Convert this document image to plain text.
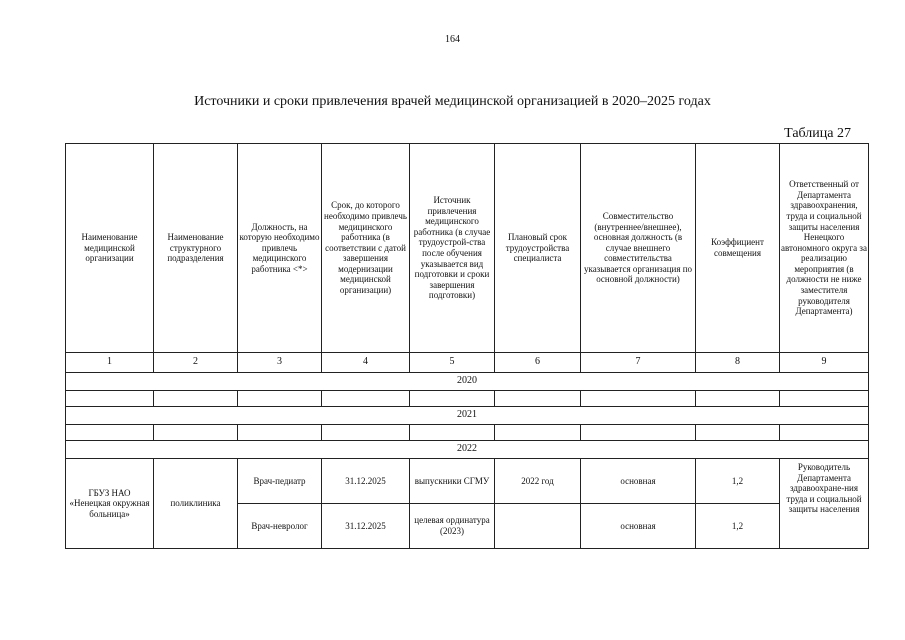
164
Источники и сроки привлечения врачей медицинской организацией в 2020–2025 годах
Таблица 27
Наименование медицинской организации	Наименование структурного подразделения	Должность, на которую необходимо привлечь медицинского работника <*>	Срок, до которого необходимо привлечь медицинского работника (в соответствии с датой завершения модернизации медицинской организации)	Источник привлечения медицинского работника (в случае трудоустрой-ства после обучения указывается вид подготовки и сроки завершения подготовки)	Плановый срок трудоустройства специалиста	Совместительство (внутреннее/внешнее), основная должность (в случае внешнего совместительства указывается организация по основной должности)	Коэффициент совмещения	Ответственный от Департамента здравоохранения, труда и социальной защиты населения Ненецкого автономного округа за реализацию мероприятия (в должности не ниже заместителя руководителя Департамента)
1	2	3	4	5	6	7	8	9
2020								

2021								

2022								
ГБУЗ НАО «Ненецкая окружная больница»	поликлиника	Врач-педиатр	31.12.2025	выпускники СГМУ	2022 год	основная	1,2	Руководитель Департамента здравоохране-ния труда и социальной защиты населения
		Врач-невролог	31.12.2025	целевая ординатура (2023)		основная	1,2	
